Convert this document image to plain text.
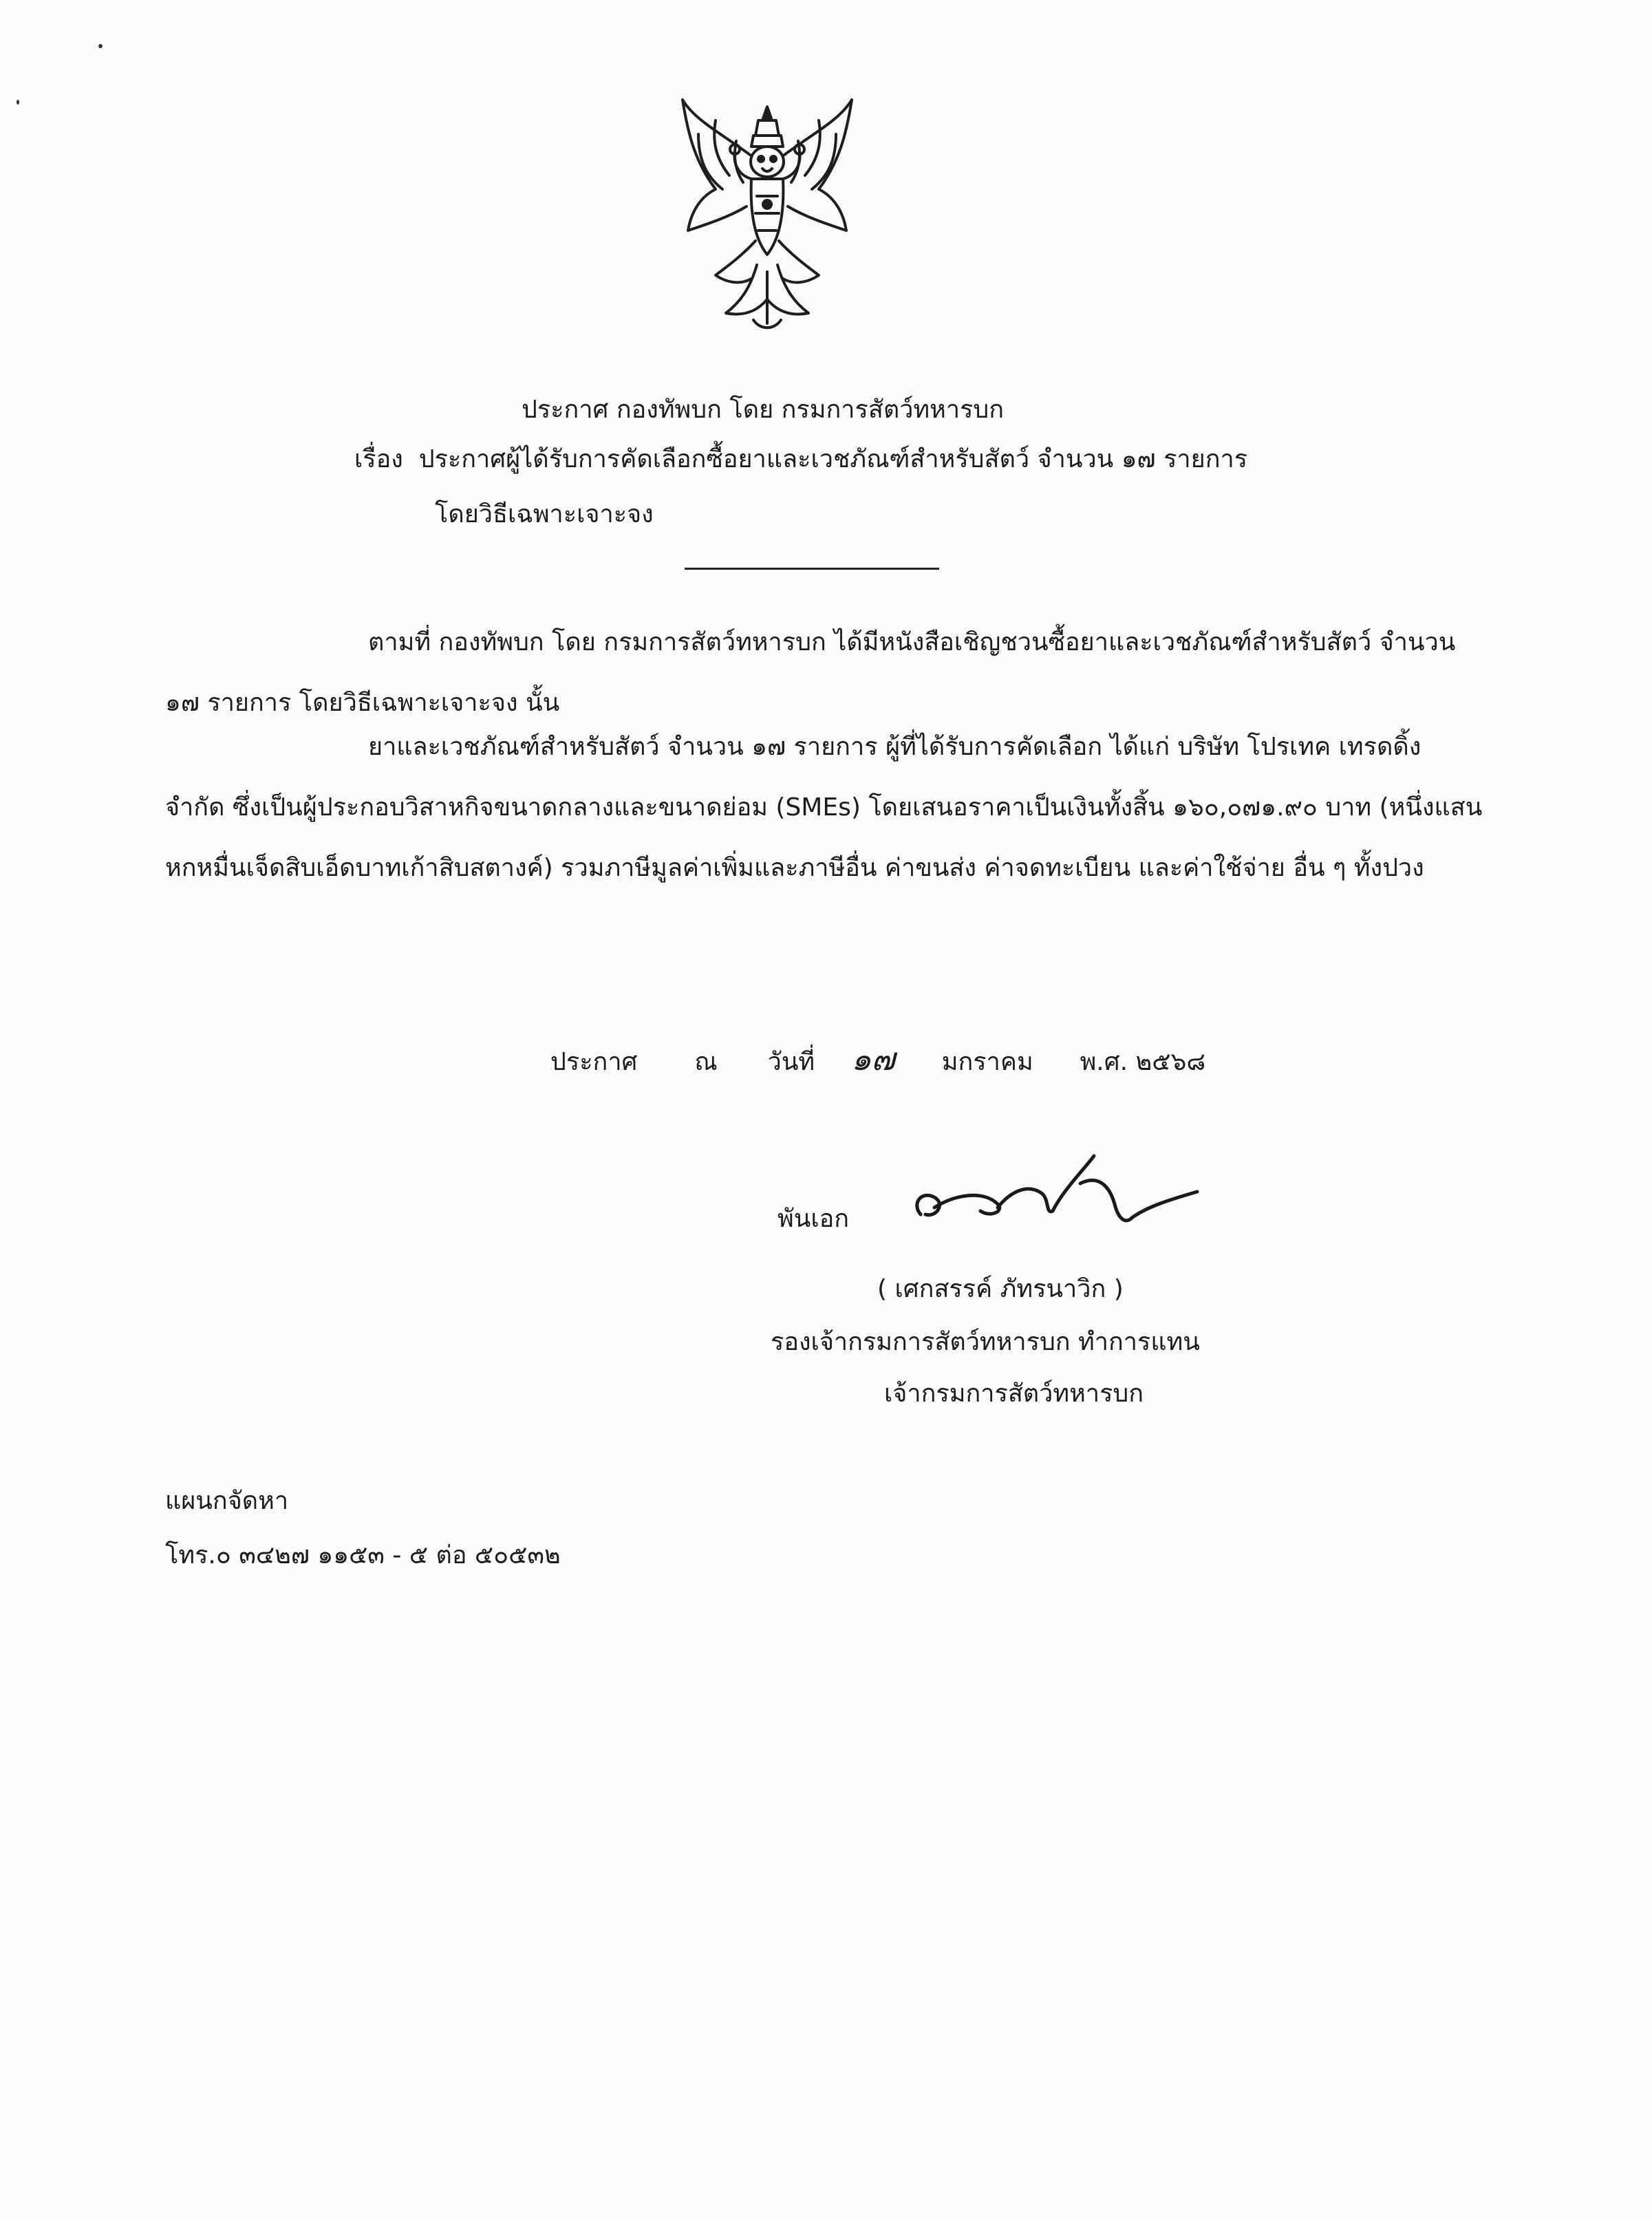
ประกาศ กองทัพบก โดย กรมการสัตว์ทหารบก
เรื่อง ประกาศผู้ได้รับการคัดเลือกซื้อยาและเวชภัณฑ์สำหรับสัตว์ จำนวน ๑๗ รายการ
โดยวิธีเฉพาะเจาะจง
ตามที่ กองทัพบก โดย กรมการสัตว์ทหารบก ได้มีหนังสือเชิญชวนซื้อยาและเวชภัณฑ์สำหรับสัตว์ จำนวน ๑๗ รายการ โดยวิธีเฉพาะเจาะจง นั้น
ยาและเวชภัณฑ์สำหรับสัตว์ จำนวน ๑๗ รายการ ผู้ที่ได้รับการคัดเลือก ได้แก่ บริษัท โปรเทค เทรดดิ้ง จำกัด ซึ่งเป็นผู้ประกอบวิสาหกิจขนาดกลางและขนาดย่อม (SMEs) โดยเสนอราคาเป็นเงินทั้งสิ้น ๑๖๐,๐๗๑.๙๐ บาท (หนึ่งแสนหกหมื่นเจ็ดสิบเอ็ดบาทเก้าสิบสตางค์) รวมภาษีมูลค่าเพิ่มและภาษีอื่น ค่าขนส่ง ค่าจดทะเบียน และค่าใช้จ่าย อื่น ๆ ทั้งปวง
ประกาศ ณ วันที่ ๑๗ มกราคม พ.ศ. ๒๕๖๘
พันเอก
( เศกสรรค์ ภัทรนาวิก )
รองเจ้ากรมการสัตว์ทหารบก ทำการแทน
เจ้ากรมการสัตว์ทหารบก
แผนกจัดหา
โทร.๐ ๓๔๒๗ ๑๑๕๓ - ๕ ต่อ ๕๐๕๓๒
